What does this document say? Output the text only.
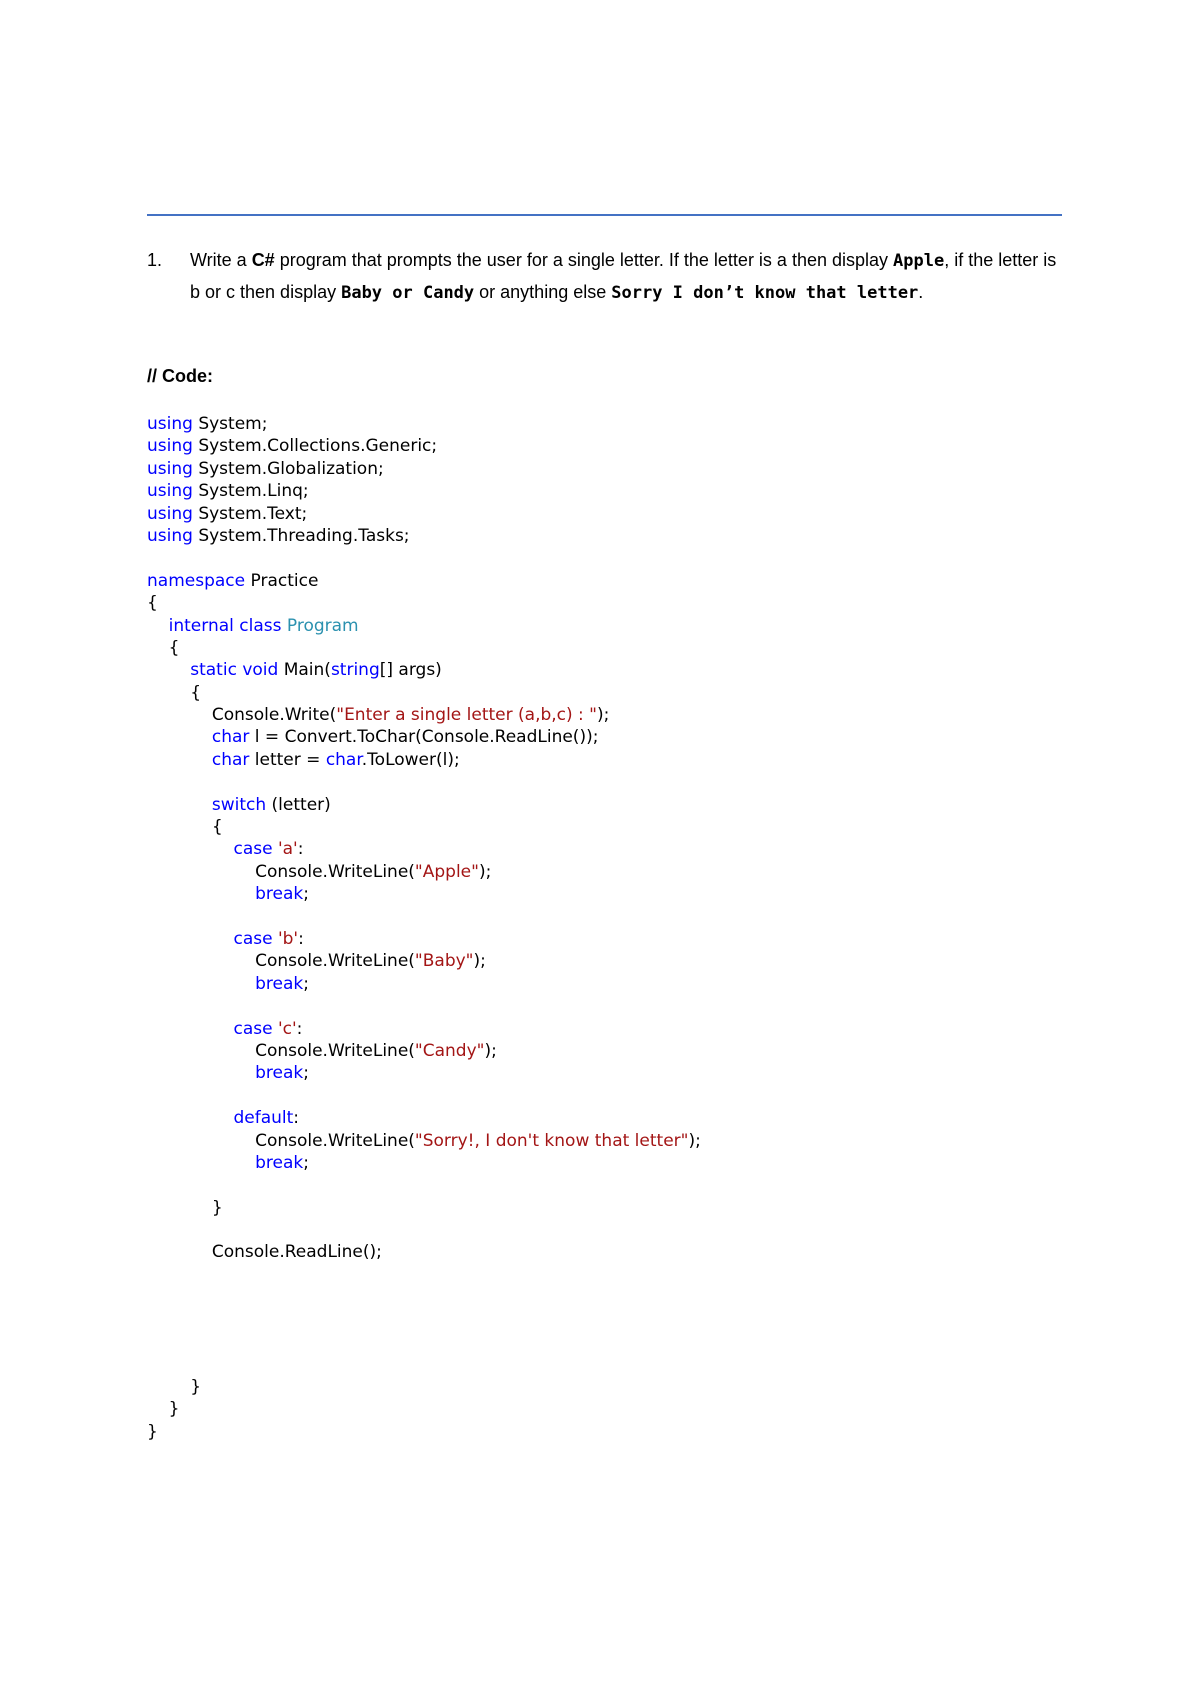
1. Write a C# program that prompts the user for a single letter. If the letter is a then display Apple, if the letter is b or c then display Baby or Candy or anything else Sorry I don’t know that letter.
// Code:
using System;
using System.Collections.Generic;
using System.Globalization;
using System.Linq;
using System.Text;
using System.Threading.Tasks;
namespace Practice
{
internal class Program
{
static void Main(string[] args)
{
Console.Write("Enter a single letter (a,b,c) : ");
char l = Convert.ToChar(Console.ReadLine());
char letter = char.ToLower(l);
switch (letter)
{
case 'a':
Console.WriteLine("Apple");
break;
case 'b':
Console.WriteLine("Baby");
break;
case 'c':
Console.WriteLine("Candy");
break;
default:
Console.WriteLine("Sorry!, I don't know that letter");
break;
}
Console.ReadLine();
}
}
}
